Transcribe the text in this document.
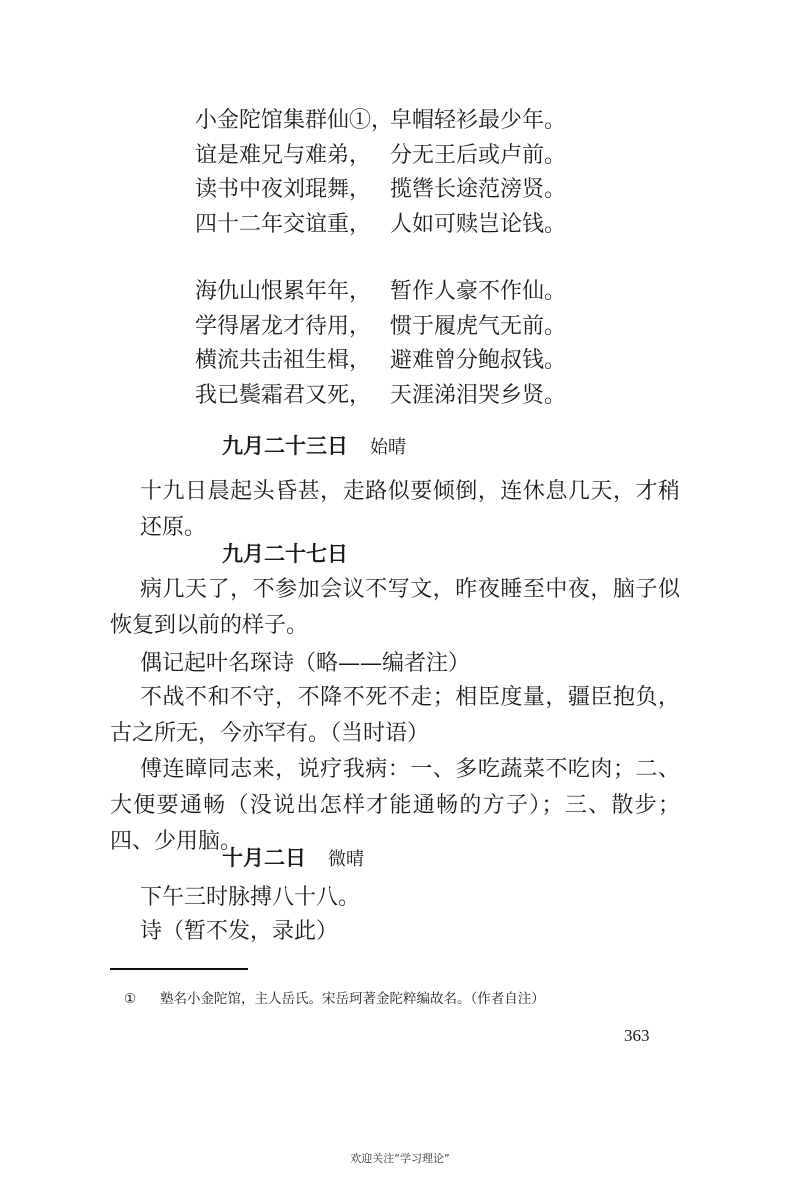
小金陀馆集群仙①，
皁帽轻衫最少年。
谊是难兄与难弟， 分无王后或卢前。
读书中夜刘琨舞， 揽辔长途范滂贤。
四十二年交谊重， 人如可赎岂论钱。
海仇山恨累年年， 暂作人豪不作仙。
学得屠龙才待用， 惯于履虎气无前。
横流共击祖生楫， 避难曾分鲍叔钱。
我已鬓霜君又死， 天涯涕泪哭乡贤。
九月二十三日 始晴
十九日晨起头昏甚，走路似要倾倒，连休息几天，才稍还原。
九月二十七日
病几天了，不参加会议不写文，昨夜睡至中夜，脑子似恢复到以前的样子。
偶记起叶名琛诗（略——编者注）
不战不和不守，不降不死不走；相臣度量，疆臣抱负，古之所无，今亦罕有。（当时语）
傅连暲同志来，说疗我病：一、多吃蔬菜不吃肉；二、大便要通畅（没说出怎样才能通畅的方子）；三、散步；四、少用脑。
十月二日 微晴
下午三时脉搏八十八。
诗（暂不发，录此）
① 塾名小金陀馆，主人岳氏。宋岳珂著金陀粹编故名。（作者自注）
363
欢迎关注“学习理论”
